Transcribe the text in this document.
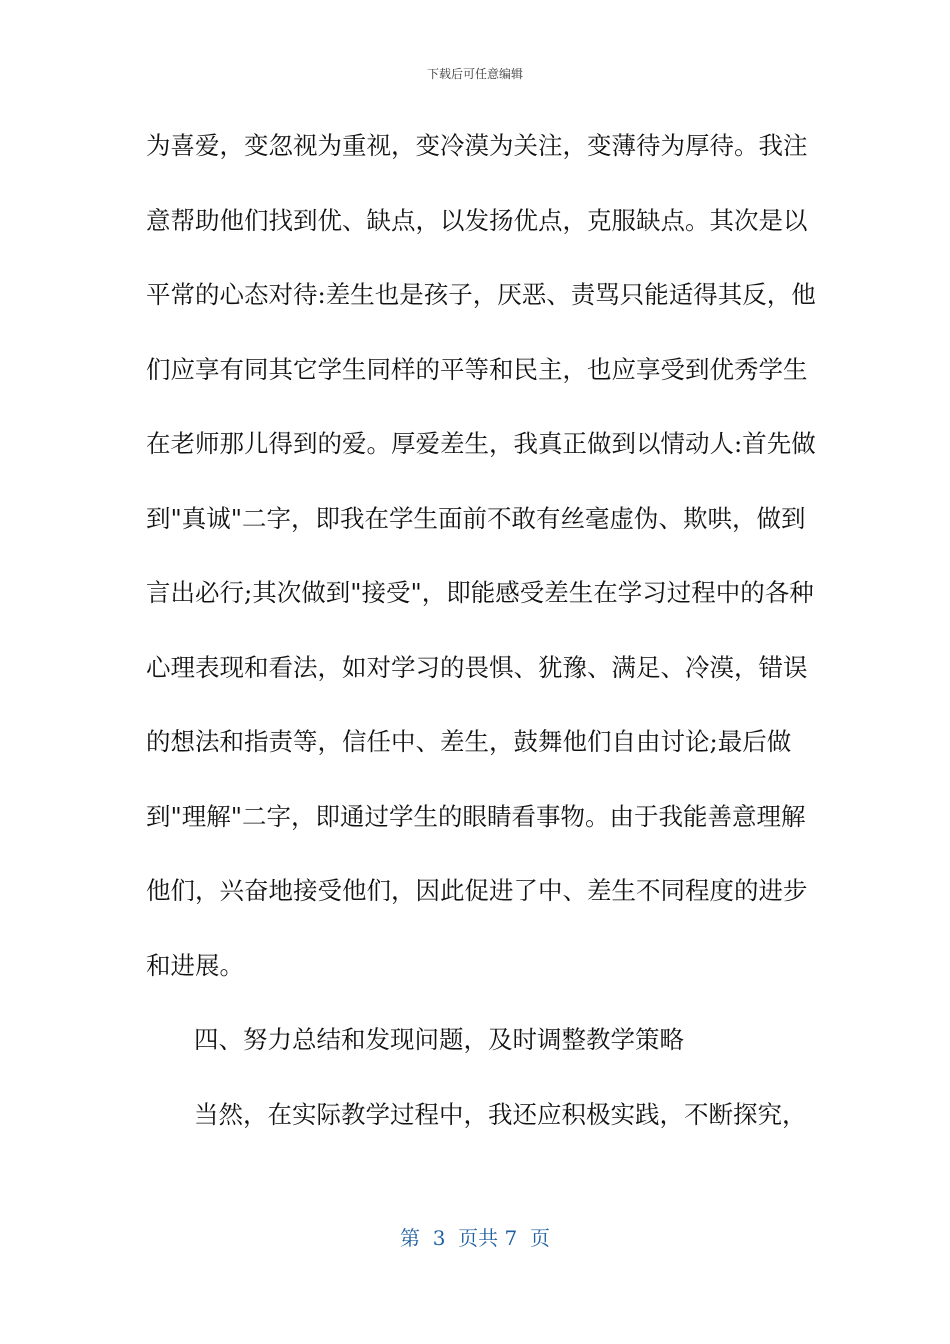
下载后可任意编辑
为喜爱，变忽视为重视，变冷漠为关注，变薄待为厚待。我注
意帮助他们找到优、缺点，以发扬优点，克服缺点。其次是以
平常的心态对待:差生也是孩子，厌恶、责骂只能适得其反，他
们应享有同其它学生同样的平等和民主，也应享受到优秀学生
在老师那儿得到的爱。厚爱差生，我真正做到以情动人:首先做
到"真诚"二字，即我在学生面前不敢有丝毫虚伪、欺哄，做到
言出必行;其次做到"接受"，即能感受差生在学习过程中的各种
心理表现和看法，如对学习的畏惧、犹豫、满足、冷漠，错误
的想法和指责等，信任中、差生，鼓舞他们自由讨论;最后做
到"理解"二字，即通过学生的眼睛看事物。由于我能善意理解
他们，兴奋地接受他们，因此促进了中、差生不同程度的进步
和进展。
四、努力总结和发现问题，及时调整教学策略
当然，在实际教学过程中，我还应积极实践，不断探究，
第  3  页共 7  页
